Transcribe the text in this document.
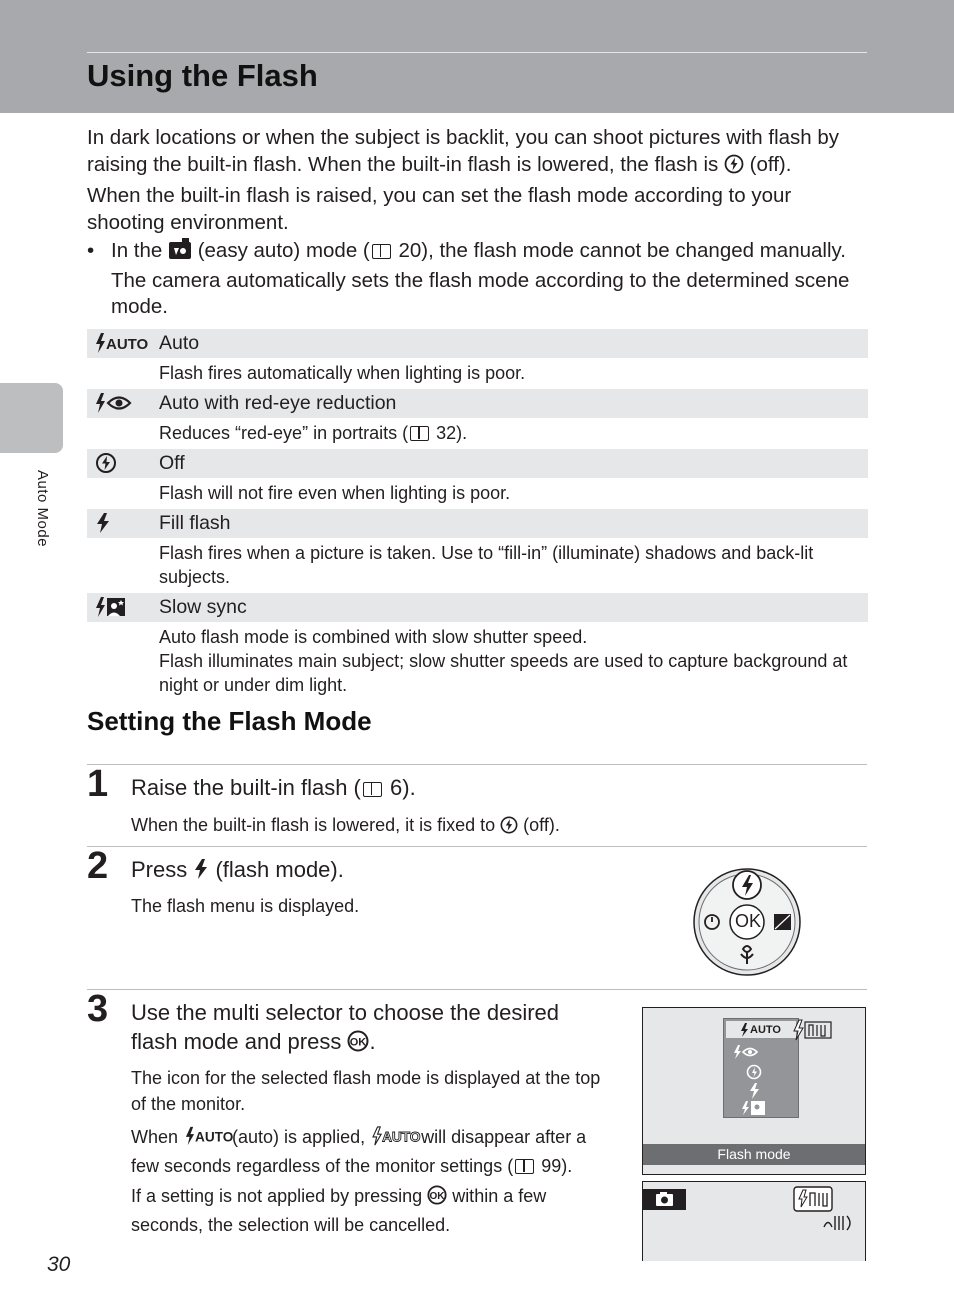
Using the Flash
Auto Mode

In dark locations or when the subject is backlit, you can shoot pictures with flash by raising the built-in flash. When the built-in flash is lowered, the flash is  (off).

When the built-in flash is raised, you can set the flash mode according to your shooting environment.

• In the  (easy auto) mode ( 20), the flash mode cannot be changed manually. The camera automatically sets the flash mode according to the determined scene mode.
AUTO Auto
Flash fires automatically when lighting is poor.
Auto with red-eye reduction
Reduces “red-eye” in portraits ( 32).
Off
Flash will not fire even when lighting is poor.
Fill flash
Flash fires when a picture is taken. Use to “fill-in” (illuminate) shadows and back-lit subjects.
Slow sync
Auto flash mode is combined with slow shutter speed.
Flash illuminates main subject; slow shutter speeds are used to capture background at night or under dim light.
Setting the Flash Mode
1 Raise the built-in flash ( 6).
When the built-in flash is lowered, it is fixed to  (off).
2 Press  (flash mode).
The flash menu is displayed.
OK
3 Use the multi selector to choose the desired flash mode and press OK .
The icon for the selected flash mode is displayed at the top of the monitor.
When AUTO
(auto) is applied, AUTO
will disappear after a few seconds regardless of the monitor settings ( 99).
If a setting is not applied by pressing OK within a few seconds, the selection will be cancelled.
AUTO
Flash mode
30
